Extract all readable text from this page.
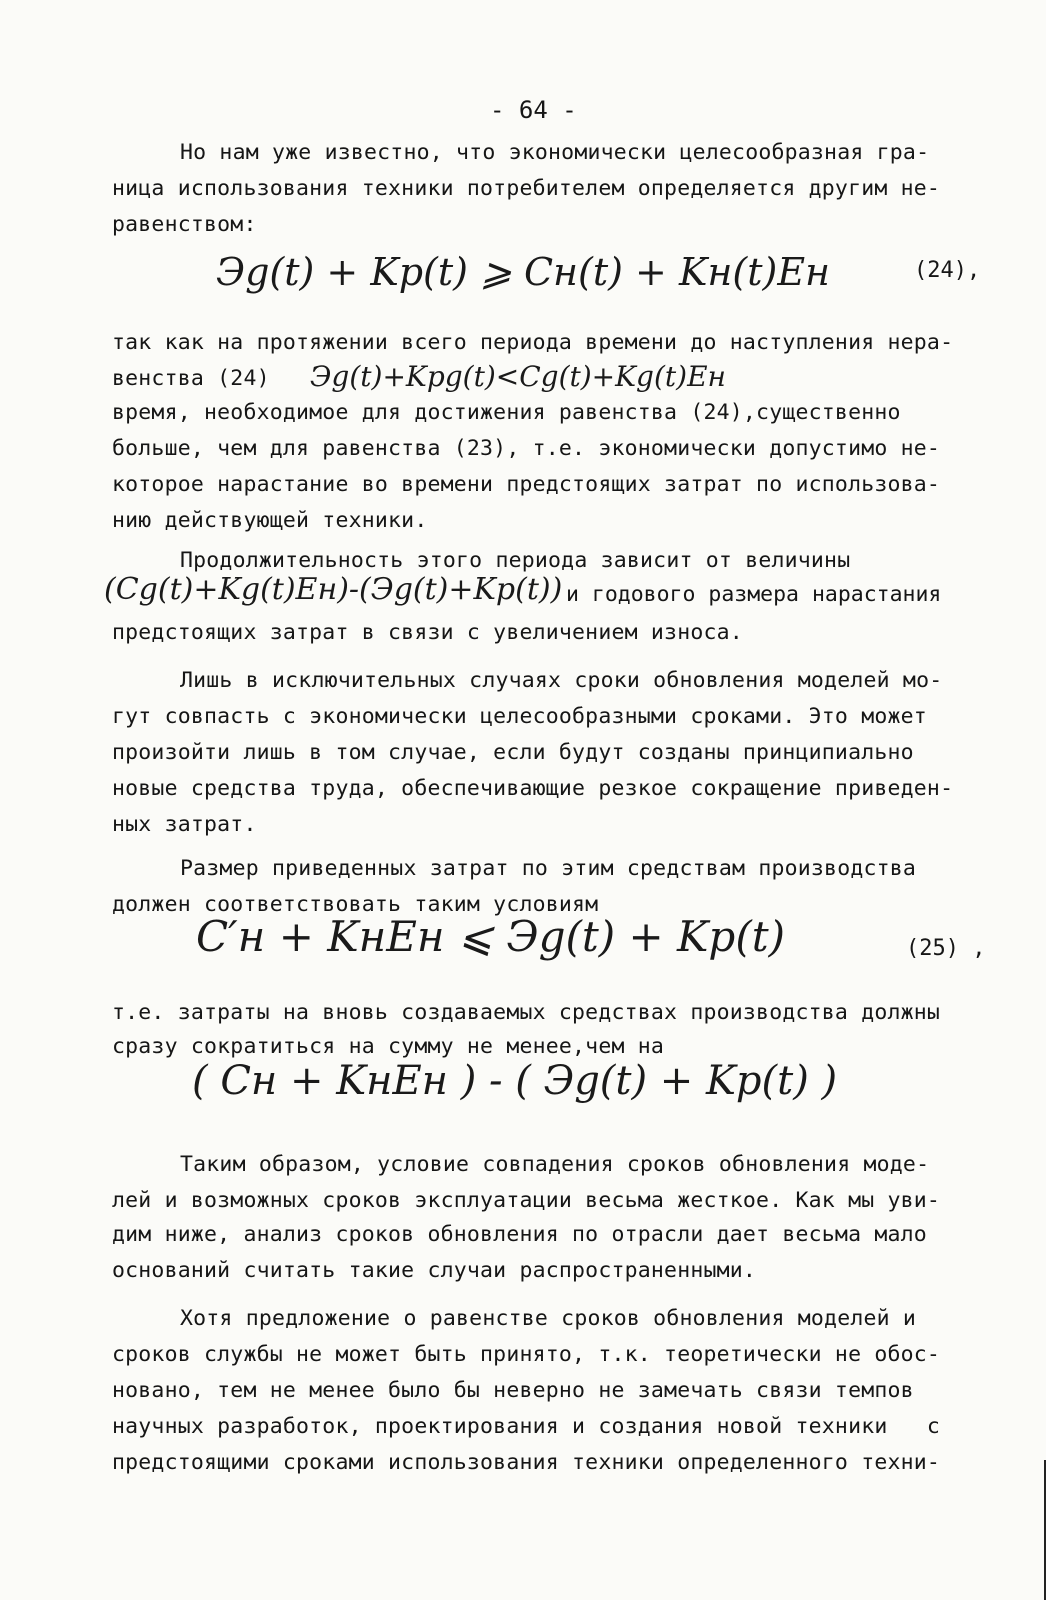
- 64 -
Но нам уже известно, что экономически целесообразная гра-
ница использования техники потребителем определяется другим не-
равенством:
Эg(t) + Kp(t) ⩾ Cн(t) + Kн(t)Eн	(24),
так как на протяжении всего периода времени до наступления нера-
венства (24) Эg(t)+Kpg(t)<Cg(t)+Kg(t)Eн
время, необходимое для достижения равенства (24),существенно
больше, чем для равенства (23), т.е. экономически допустимо не-
которое нарастание во времени предстоящих затрат по использова-
нию действующей техники.
Продолжительность этого периода зависит от величины
(Cg(t)+Kg(t)Eн)-(Эg(t)+Kp(t)) и годового размера нарастания
предстоящих затрат в связи с увеличением износа.
Лишь в исключительных случаях сроки обновления моделей мо-
гут совпасть с экономически целесообразными сроками. Это может
произойти лишь в том случае, если будут созданы принципиально
новые средства труда, обеспечивающие резкое сокращение приведен-
ных затрат.
Размер приведенных затрат по этим средствам производства
должен соответствовать таким условиям
C′н + KнEн ⩽ Эg(t) + Kp(t)	(25) ,
т.е. затраты на вновь создаваемых средствах производства должны
сразу сократиться на сумму не менее,чем на
( Cн + KнEн ) - ( Эg(t) + Kp(t) )
Таким образом, условие совпадения сроков обновления моде-
лей и возможных сроков эксплуатации весьма жесткое. Как мы уви-
дим ниже, анализ сроков обновления по отрасли дает весьма мало
оснований считать такие случаи распространенными.
Хотя предложение о равенстве сроков обновления моделей и
сроков службы не может быть принято, т.к. теоретически не обос-
новано, тем не менее было бы неверно не замечать связи темпов
научных разработок, проектирования и создания новой техники   с
предстоящими сроками использования техники определенного техни-
